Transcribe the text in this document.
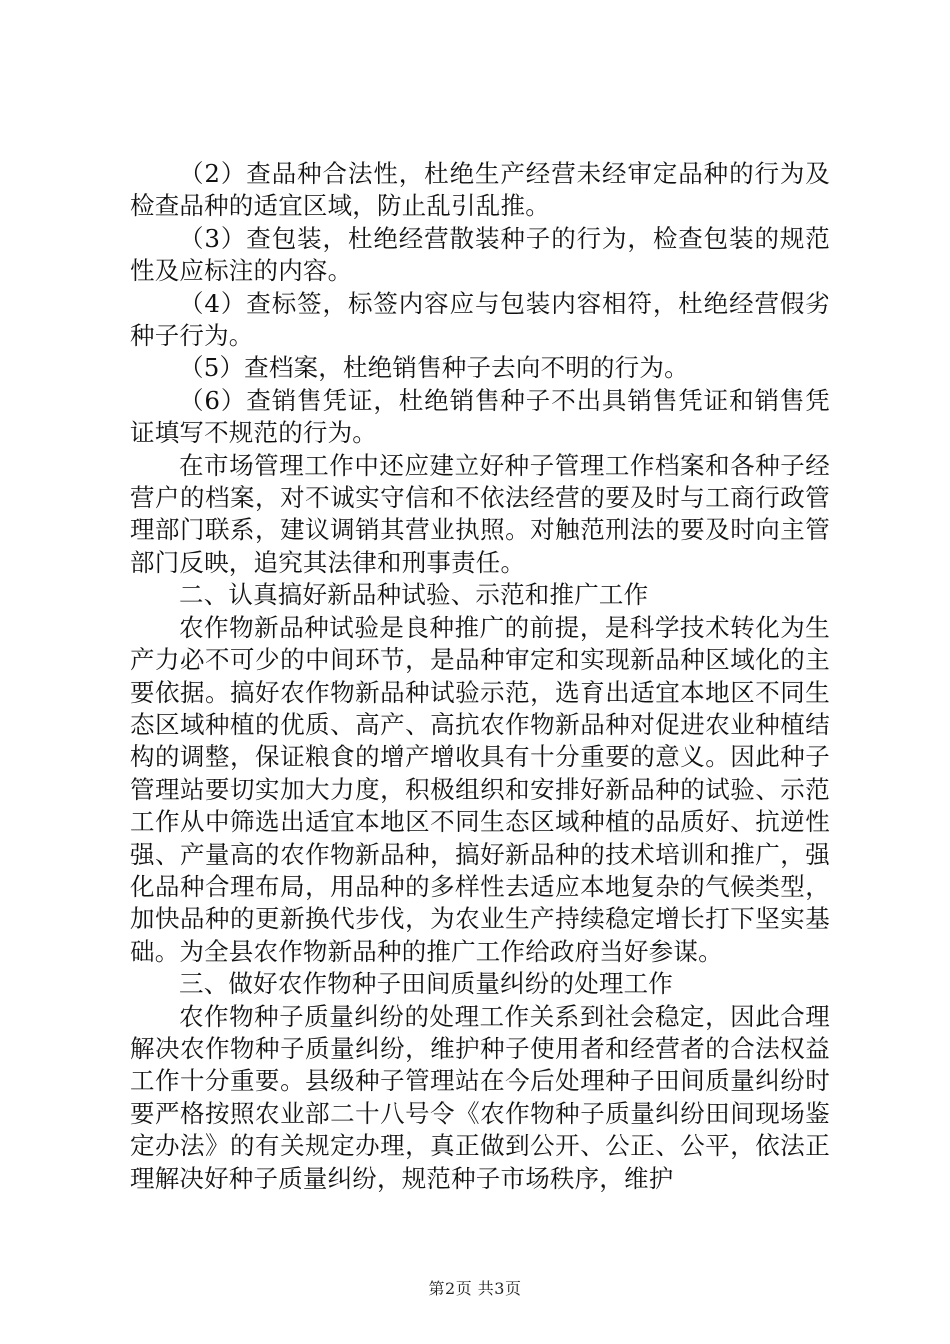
（2）查品种合法性，杜绝生产经营未经审定品种的行为及检查品种的适宜区域，防止乱引乱推。

（3）查包装，杜绝经营散装种子的行为，检查包装的规范性及应标注的内容。

（4）查标签，标签内容应与包装内容相符，杜绝经营假劣种子行为。

（5）查档案，杜绝销售种子去向不明的行为。

（6）查销售凭证，杜绝销售种子不出具销售凭证和销售凭证填写不规范的行为。

在市场管理工作中还应建立好种子管理工作档案和各种子经营户的档案，对不诚实守信和不依法经营的要及时与工商行政管理部门联系，建议调销其营业执照。对触范刑法的要及时向主管部门反映，追究其法律和刑事责任。

二、认真搞好新品种试验、示范和推广工作

农作物新品种试验是良种推广的前提，是科学技术转化为生产力必不可少的中间环节，是品种审定和实现新品种区域化的主要依据。搞好农作物新品种试验示范，选育出适宜本地区不同生态区域种植的优质、高产、高抗农作物新品种对促进农业种植结构的调整，保证粮食的增产增收具有十分重要的意义。因此种子管理站要切实加大力度，积极组织和安排好新品种的试验、示范工作从中筛选出适宜本地区不同生态区域种植的品质好、抗逆性强、产量高的农作物新品种，搞好新品种的技术培训和推广，强化品种合理布局，用品种的多样性去适应本地复杂的气候类型，加快品种的更新换代步伐，为农业生产持续稳定增长打下坚实基础。为全县农作物新品种的推广工作给政府当好参谋。

三、做好农作物种子田间质量纠纷的处理工作

农作物种子质量纠纷的处理工作关系到社会稳定，因此合理解决农作物种子质量纠纷，维护种子使用者和经营者的合法权益工作十分重要。县级种子管理站在今后处理种子田间质量纠纷时要严格按照农业部二十八号令《农作物种子质量纠纷田间现场鉴定办法》的有关规定办理，真正做到公开、公正、公平，依法正理解决好种子质量纠纷，规范种子市场秩序，维护

第2页 共3页
